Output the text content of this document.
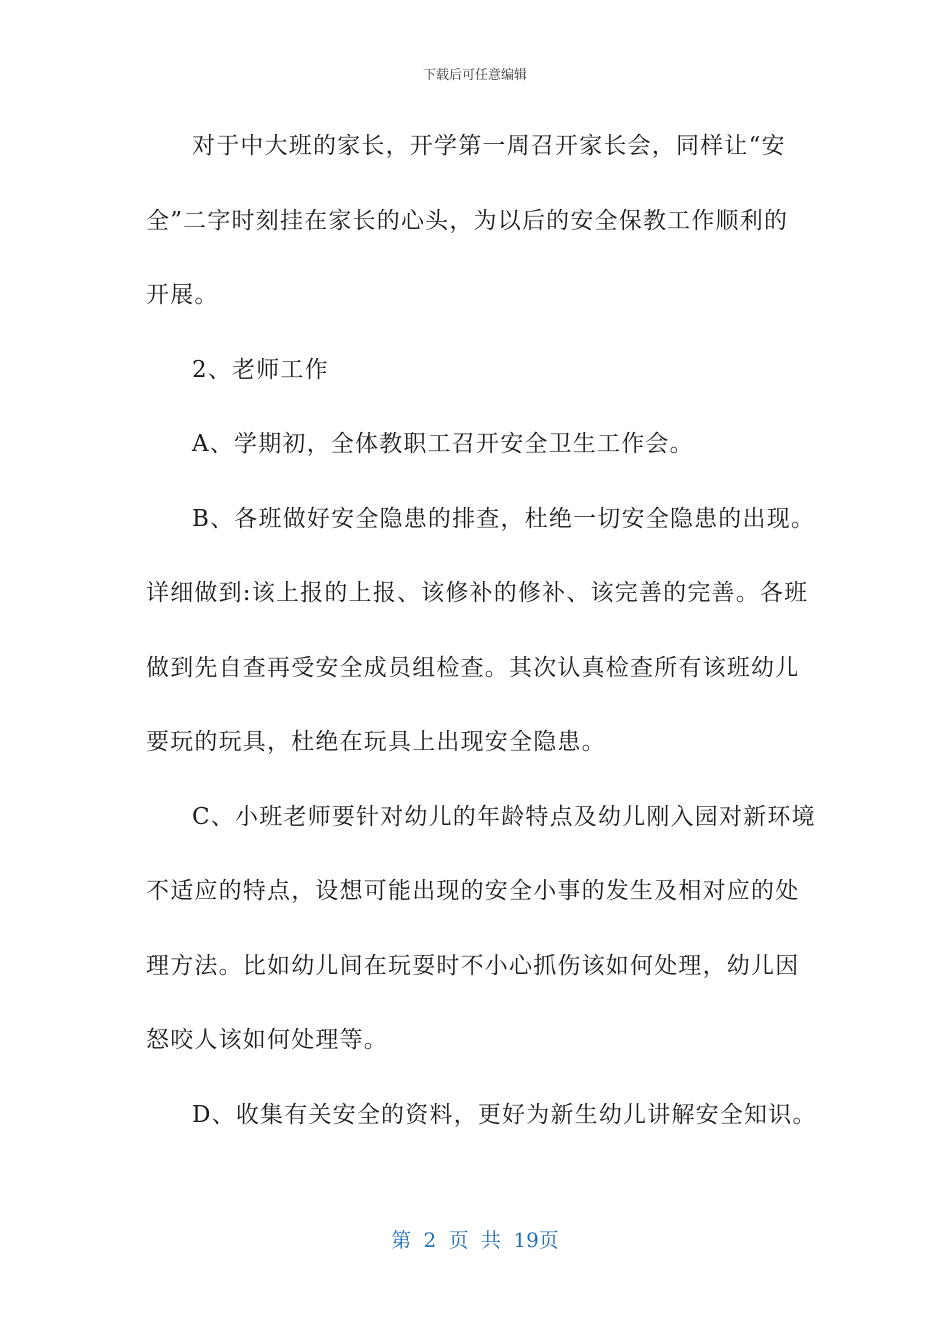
下载后可任意编辑
对于中大班的家长，开学第一周召开家长会，同样让“安
全”二字时刻挂在家长的心头，为以后的安全保教工作顺利的
开展。
2、老师工作
A、学期初，全体教职工召开安全卫生工作会。
B、各班做好安全隐患的排查，杜绝一切安全隐患的出现。
详细做到:该上报的上报、该修补的修补、该完善的完善。各班
做到先自查再受安全成员组检查。其次认真检查所有该班幼儿
要玩的玩具，杜绝在玩具上出现安全隐患。
C、小班老师要针对幼儿的年龄特点及幼儿刚入园对新环境
不适应的特点，设想可能出现的安全小事的发生及相对应的处
理方法。比如幼儿间在玩耍时不小心抓伤该如何处理，幼儿因
怒咬人该如何处理等。
D、收集有关安全的资料，更好为新生幼儿讲解安全知识。
第 2 页 共 19页
